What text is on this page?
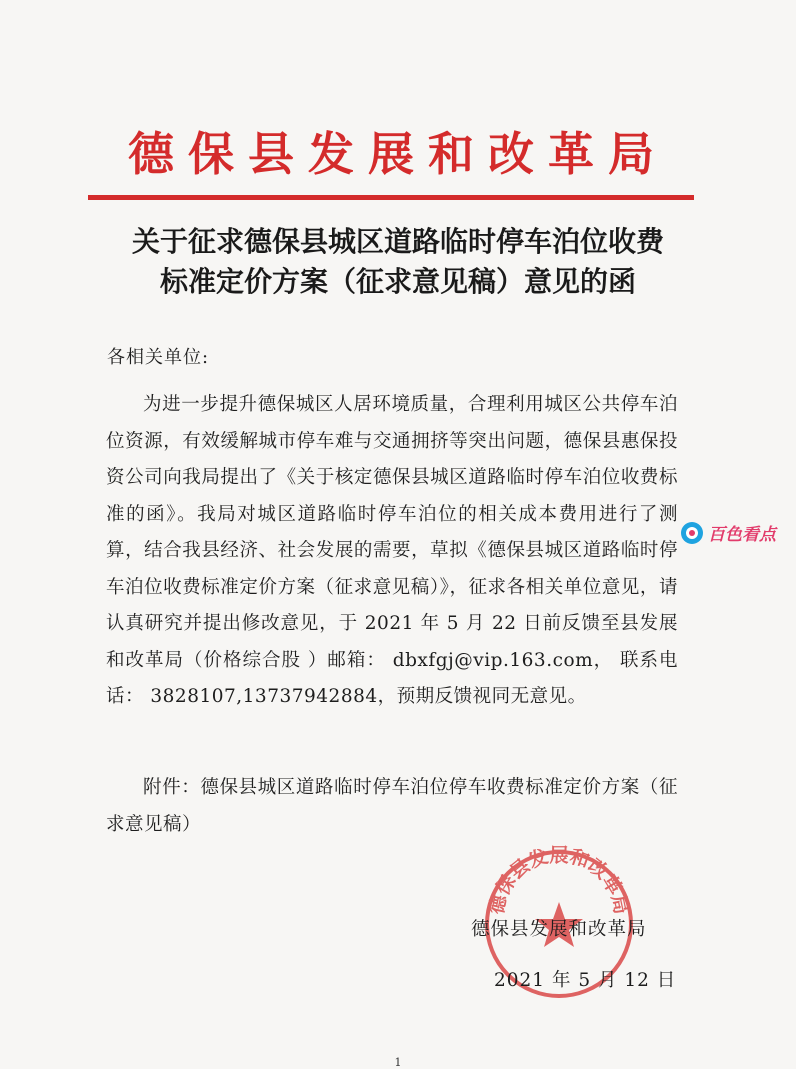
德保县发展和改革局
关于征求德保县城区道路临时停车泊位收费
标准定价方案（征求意见稿）意见的函
各相关单位:
为进一步提升德保城区人居环境质量，合理利用城区公共停车泊位资源，有效缓解城市停车难与交通拥挤等突出问题，德保县惠保投资公司向我局提出了《关于核定德保县城区道路临时停车泊位收费标准的函》。我局对城区道路临时停车泊位的相关成本费用进行了测算，结合我县经济、社会发展的需要，草拟《德保县城区道路临时停车泊位收费标准定价方案（征求意见稿）》，征求各相关单位意见，请认真研究并提出修改意见，于 2021 年 5 月 22 日前反馈至县发展和改革局（价格综合股 ）邮箱： dbxfgj@vip.163.com， 联系电话： 3828107,13737942884，预期反馈视同无意见。
附件：德保县城区道路临时停车泊位停车收费标准定价方案（征求意见稿）
德保县发展和改革局
德保县发展和改革局
2021 年 5 月 12 日
百色看点
1
